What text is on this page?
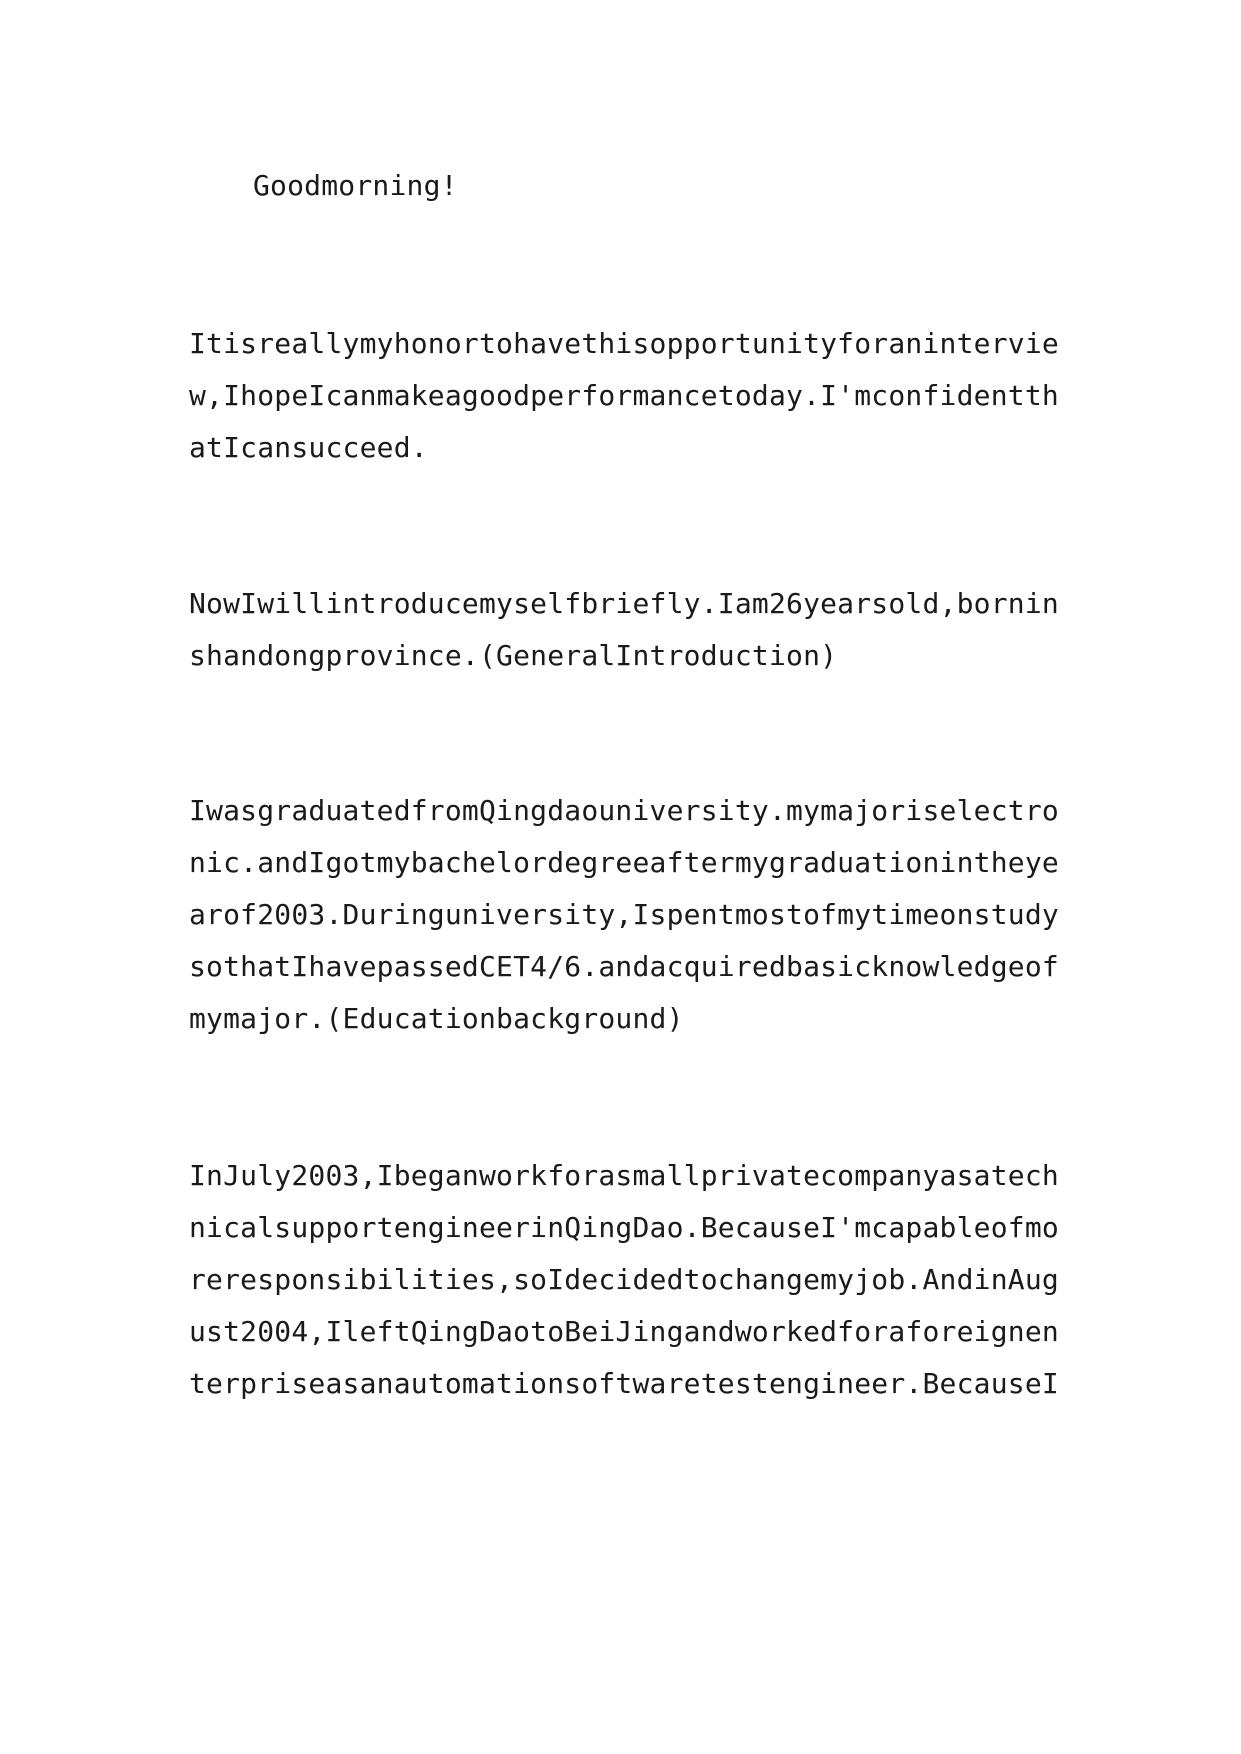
Goodmorning!
Itisreallymyhonortohavethisopportunityforanintervie
w,IhopeIcanmakeagoodperformancetoday.I'mconfidentth
atIcansucceed.
NowIwillintroducemyselfbriefly.Iam26yearsold,bornin
shandongprovince.(GeneralIntroduction)
IwasgraduatedfromQingdaouniversity.mymajoriselectro
nic.andIgotmybachelordegreeaftermygraduationintheye
arof2003.Duringuniversity,Ispentmostofmytimeonstudy
sothatIhavepassedCET4/6.andacquiredbasicknowledgeof
mymajor.(Educationbackground)
InJuly2003,Ibeganworkforasmallprivatecompanyasatech
nicalsupportengineerinQingDao.BecauseI'mcapableofmo
reresponsibilities,soIdecidedtochangemyjob.AndinAug
ust2004,IleftQingDaotoBeiJingandworkedforaforeignen
terpriseasanautomationsoftwaretestengineer.BecauseI
